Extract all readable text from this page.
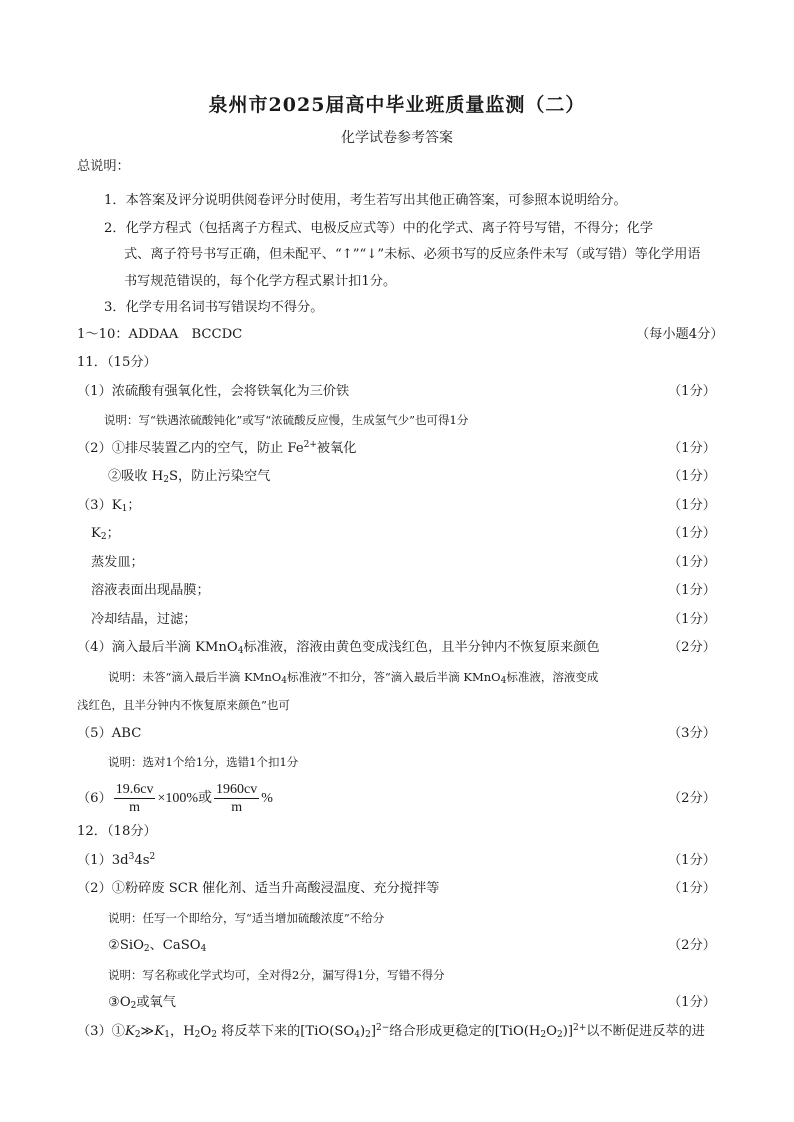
泉州市2025届高中毕业班质量监测（二）
化学试卷参考答案
总说明：
1．本答案及评分说明供阅卷评分时使用，考生若写出其他正确答案，可参照本说明给分。
2．化学方程式（包括离子方程式、电极反应式等）中的化学式、离子符号写错，不得分；化学
式、离子符号书写正确，但未配平、“↑”“↓”未标、必须书写的反应条件未写（或写错）等化学用语
书写规范错误的，每个化学方程式累计扣1分。
3．化学专用名词书写错误均不得分。
1～10：ADDAA　BCCDC	（每小题4分）
11．（15分）
（1）浓硫酸有强氧化性，会将铁氧化为三价铁	（1分）
说明：写“铁遇浓硫酸钝化”或写“浓硫酸反应慢，生成氢气少”也可得1分
（2）①排尽装置乙内的空气，防止 $Fe^{2+}$被氧化	（1分）
②吸收 $H_2S$，防止污染空气	（1分）
$(3)K_1$；	（1分）
$K_2$；	（1分）
蒸发皿；	（1分）
溶液表面出现晶膜；	（1分）
冷却结晶，过滤；	（1分）
（4）滴入最后半滴 KMnO$_4$标准液，溶液由黄色变成浅红色，且半分钟内不恢复原来颜色	（2分）
说明：未答“滴入最后半滴 KMnO$_4$标准液”不扣分，答“滴入最后半滴 KMnO$_4$标准液，溶液变成
浅红色，且半分钟内不恢复原来颜色”也可
（5）ABC	（3分）
说明：选对1个给1分，选错1个扣1分
$(6) \frac{19.6cv}{m} \times 100\%$或 $\frac{1960cv}{m}$ %	（2分）
12．（18分）
$(1)3d^34s^2$	（1分）
（2）①粉碎废 SCR 催化剂、适当升高酸浸温度、充分搅拌等	（1分）
说明：任写一个即给分，写“适当增加硫酸浓度”不给分
②SiO$_2$、CaSO$_4$	（2分）
说明：写名称或化学式均可，全对得2分，漏写得1分，写错不得分
$③O_2$或氧气	（1分）
$(3)①K_2≫K_1$，$H_2O_2$ 将反萃下来的$[TiO(SO_4)_2]^{2-}$络合形成更稳定的$[TiO(H_2O_2)]^{2+}$以不断促进反萃的进
